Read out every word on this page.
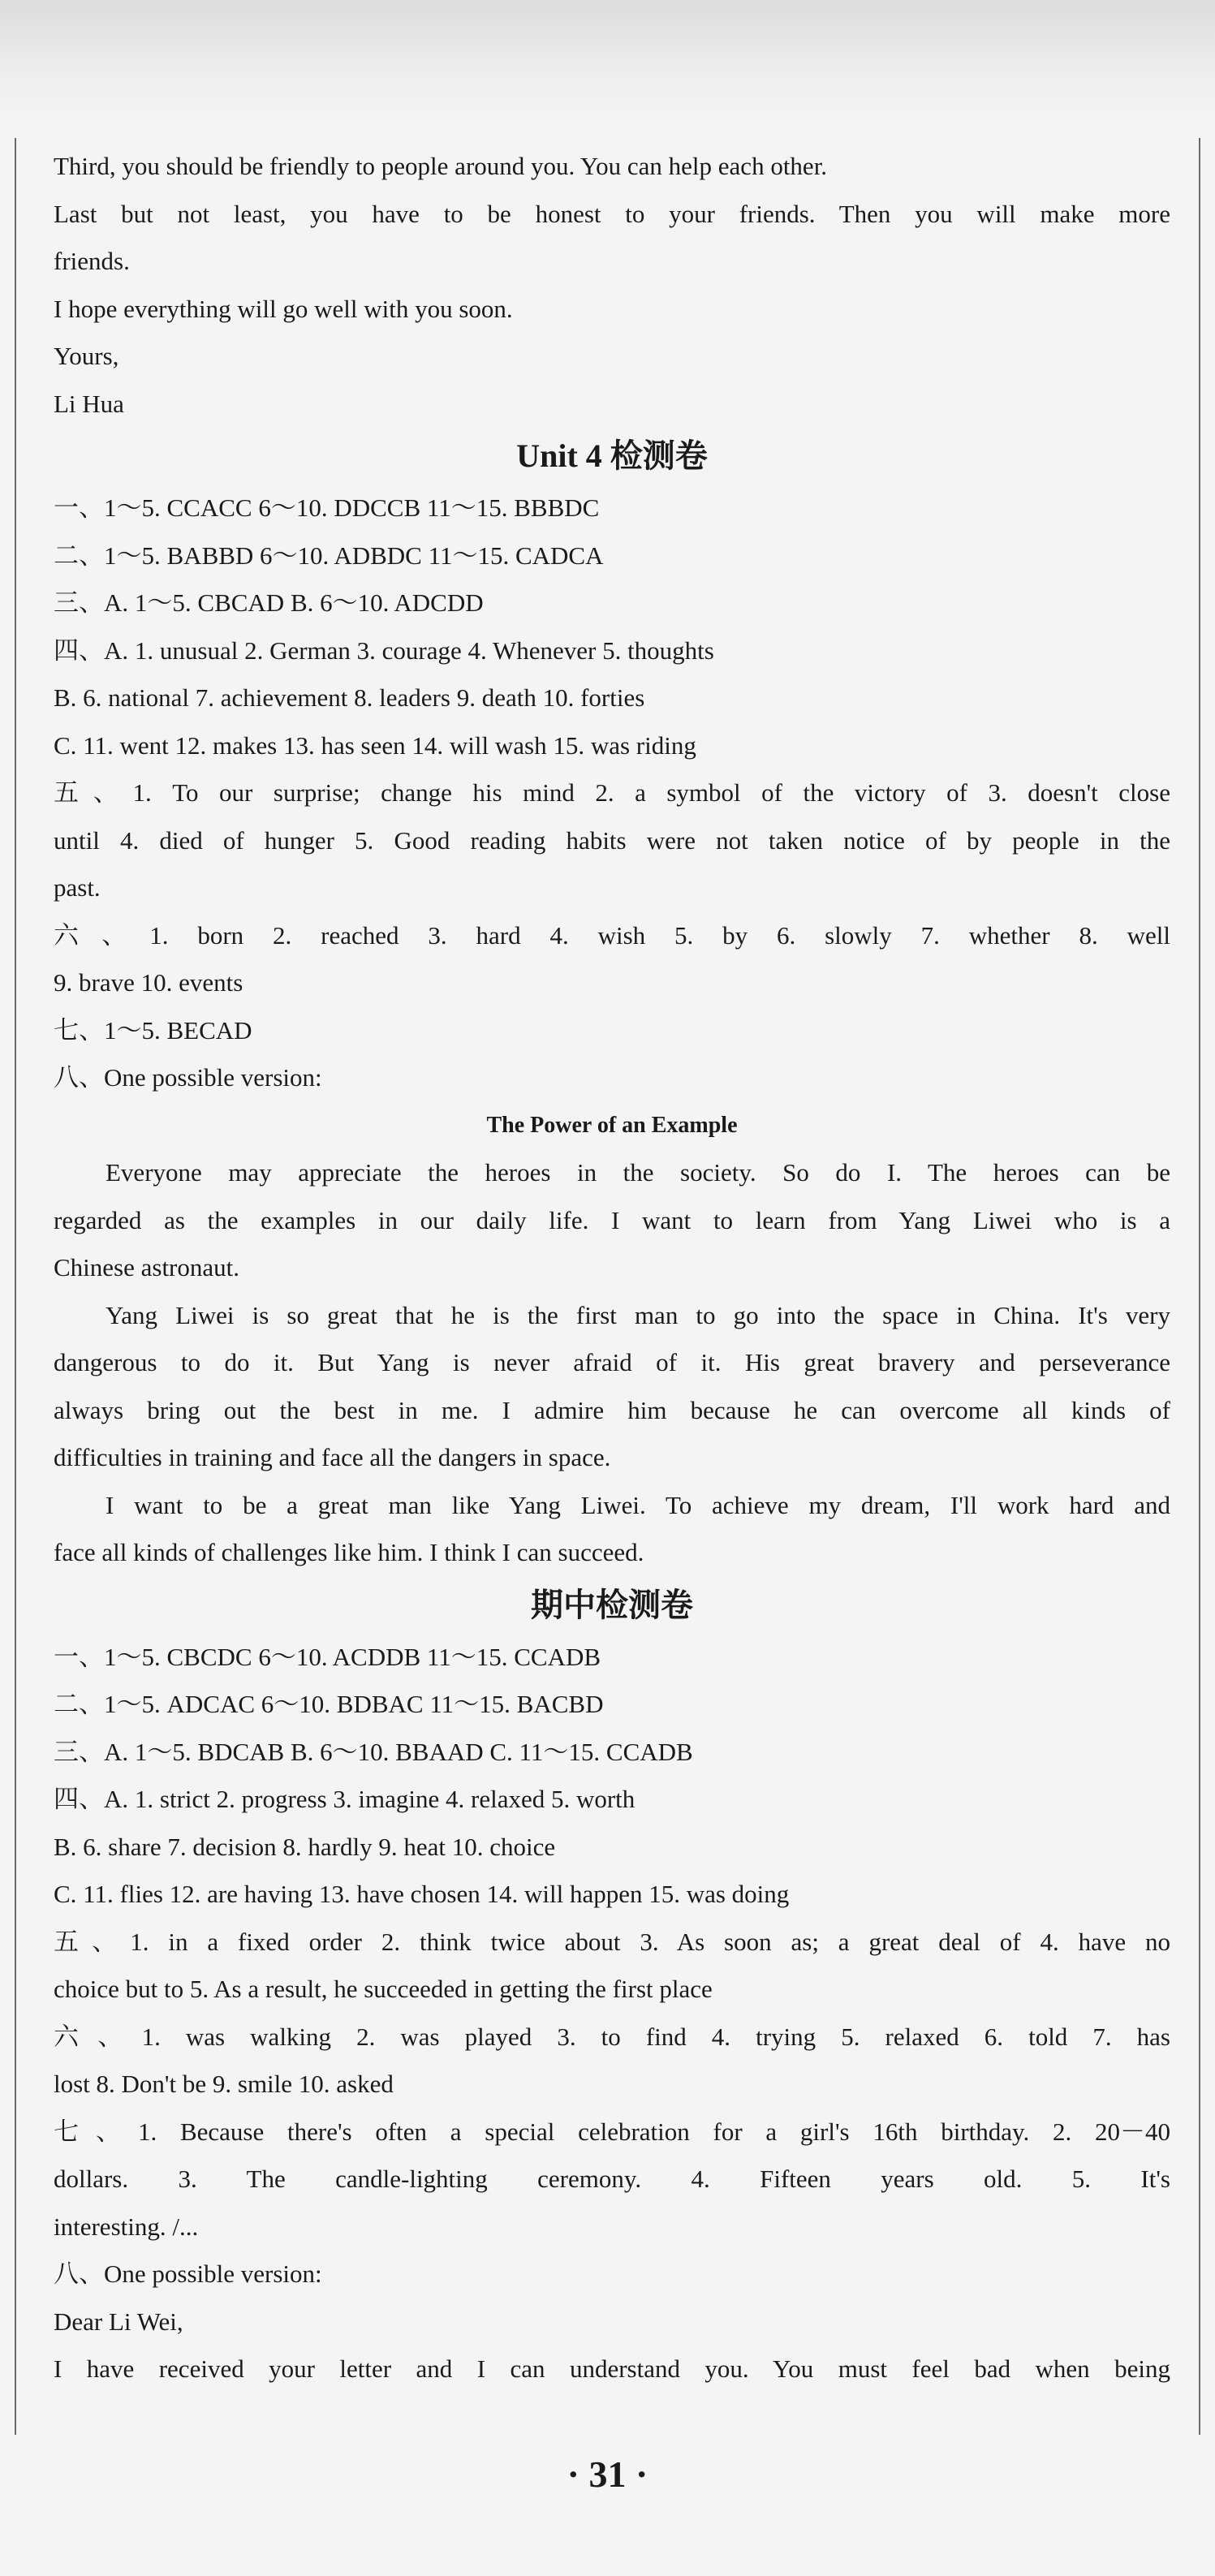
Third, you should be friendly to people around you. You can help each other.
Last but not least, you have to be honest to your friends. Then you will make more
friends.
I hope everything will go well with you soon.
Yours,
Li Hua
Unit 4 检测卷
一、1～5. CCACC 6～10. DDCCB 11～15. BBBDC
二、1～5. BABBD 6～10. ADBDC 11～15. CADCA
三、A. 1～5. CBCAD B. 6～10. ADCDD
四、A. 1. unusual 2. German 3. courage 4. Whenever 5. thoughts
B. 6. national 7. achievement 8. leaders 9. death 10. forties
C. 11. went 12. makes 13. has seen 14. will wash 15. was riding
五、1. To our surprise; change his mind 2. a symbol of the victory of 3. doesn't close
until 4. died of hunger 5. Good reading habits were not taken notice of by people in the
past.
六、1. born 2. reached 3. hard 4. wish 5. by 6. slowly 7. whether 8. well
9. brave 10. events
七、1～5. BECAD
八、One possible version:
The Power of an Example
Everyone may appreciate the heroes in the society. So do I. The heroes can be
regarded as the examples in our daily life. I want to learn from Yang Liwei who is a
Chinese astronaut.
Yang Liwei is so great that he is the first man to go into the space in China. It's very
dangerous to do it. But Yang is never afraid of it. His great bravery and perseverance
always bring out the best in me. I admire him because he can overcome all kinds of
difficulties in training and face all the dangers in space.
I want to be a great man like Yang Liwei. To achieve my dream, I'll work hard and
face all kinds of challenges like him. I think I can succeed.
期中检测卷
一、1～5. CBCDC 6～10. ACDDB 11～15. CCADB
二、1～5. ADCAC 6～10. BDBAC 11～15. BACBD
三、A. 1～5. BDCAB B. 6～10. BBAAD C. 11～15. CCADB
四、A. 1. strict 2. progress 3. imagine 4. relaxed 5. worth
B. 6. share 7. decision 8. hardly 9. heat 10. choice
C. 11. flies 12. are having 13. have chosen 14. will happen 15. was doing
五、1. in a fixed order 2. think twice about 3. As soon as; a great deal of 4. have no
choice but to 5. As a result, he succeeded in getting the first place
六、1. was walking 2. was played 3. to find 4. trying 5. relaxed 6. told 7. has
lost 8. Don't be 9. smile 10. asked
七、1. Because there's often a special celebration for a girl's 16th birthday. 2. 20－40
dollars. 3. The candle-lighting ceremony. 4. Fifteen years old. 5. It's
interesting. /...
八、One possible version:
Dear Li Wei,
I have received your letter and I can understand you. You must feel bad when being
· 31 ·
